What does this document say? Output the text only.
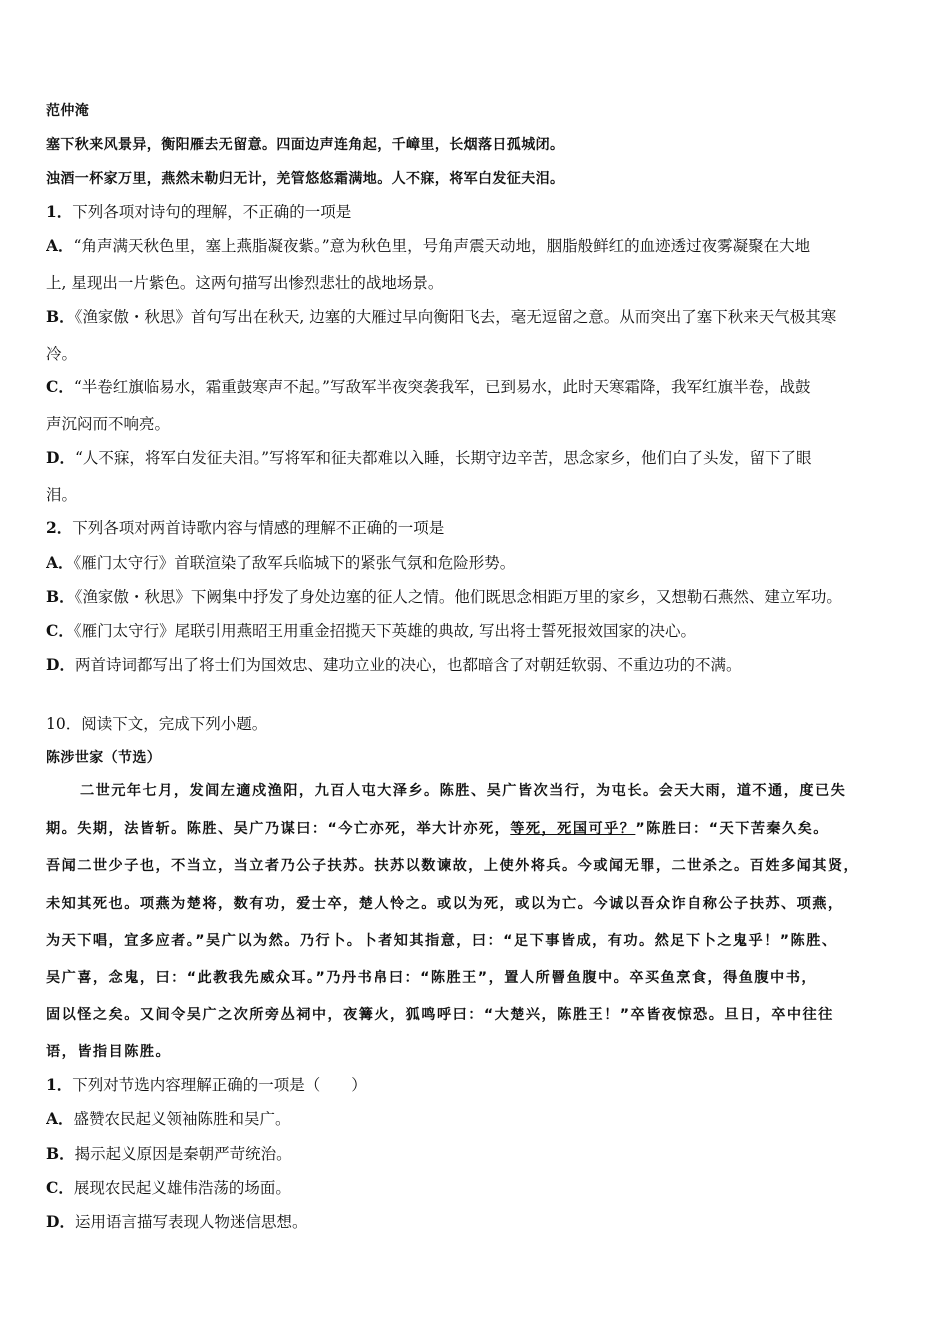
范仲淹
塞下秋来风景异，衡阳雁去无留意。四面边声连角起，千嶂里，长烟落日孤城闭。
浊酒一杯家万里，燕然未勒归无计，羌管悠悠霜满地。人不寐，将军白发征夫泪。
1．下列各项对诗句的理解，不正确的一项是
A．“角声满天秋色里，塞上燕脂凝夜紫。”意为秋色里，号角声震天动地，胭脂般鲜红的血迹透过夜雾凝聚在大地
上, 星现出一片紫色。这两句描写出惨烈悲壮的战地场景。
B．《渔家傲・秋思》首句写出在秋天, 边塞的大雁过早向衡阳飞去，毫无逗留之意。从而突出了塞下秋来天气极其寒
冷。
C．“半卷红旗临易水，霜重鼓寒声不起。”写敌军半夜突袭我军，已到易水，此时天寒霜降，我军红旗半卷，战鼓
声沉闷而不响亮。
D．“人不寐，将军白发征夫泪。”写将军和征夫都难以入睡，长期守边辛苦，思念家乡，他们白了头发，留下了眼
泪。
2．下列各项对两首诗歌内容与情感的理解不正确的一项是
A．《雁门太守行》首联渲染了敌军兵临城下的紧张气氛和危险形势。
B．《渔家傲・秋思》下阙集中抒发了身处边塞的征人之情。他们既思念相距万里的家乡，又想勒石燕然、建立军功。
C．《雁门太守行》尾联引用燕昭王用重金招揽天下英雄的典故, 写出将士誓死报效国家的决心。
D．两首诗词都写出了将士们为国效忠、建功立业的决心，也都暗含了对朝廷软弱、不重边功的不满。
10．阅读下文，完成下列小题。
陈涉世家（节选）
二世元年七月，发闾左適戍渔阳，九百人屯大泽乡。陈胜、吴广皆次当行，为屯长。会天大雨，道不通，度已失
期。失期，法皆斩。陈胜、吴广乃谋曰：“今亡亦死，举大计亦死，等死，死国可乎？”陈胜曰：“天下苦秦久矣。
吾闻二世少子也，不当立，当立者乃公子扶苏。扶苏以数谏故，上使外将兵。今或闻无罪，二世杀之。百姓多闻其贤，
未知其死也。项燕为楚将，数有功，爱士卒，楚人怜之。或以为死，或以为亡。今诚以吾众诈自称公子扶苏、项燕，
为天下唱，宜多应者。”吴广以为然。乃行卜。卜者知其指意，曰：“足下事皆成，有功。然足下卜之鬼乎！”陈胜、
吴广喜，念鬼，曰：“此教我先威众耳。”乃丹书帛曰：“陈胜王”，置人所罾鱼腹中。卒买鱼烹食，得鱼腹中书，
固以怪之矣。又间令吴广之次所旁丛祠中，夜篝火，狐鸣呼曰：“大楚兴，陈胜王！”卒皆夜惊恐。旦日，卒中往往
语，皆指目陈胜。
1．下列对节选内容理解正确的一项是（　　）
A．盛赞农民起义领袖陈胜和吴广。
B．揭示起义原因是秦朝严苛统治。
C．展现农民起义雄伟浩荡的场面。
D．运用语言描写表现人物迷信思想。
